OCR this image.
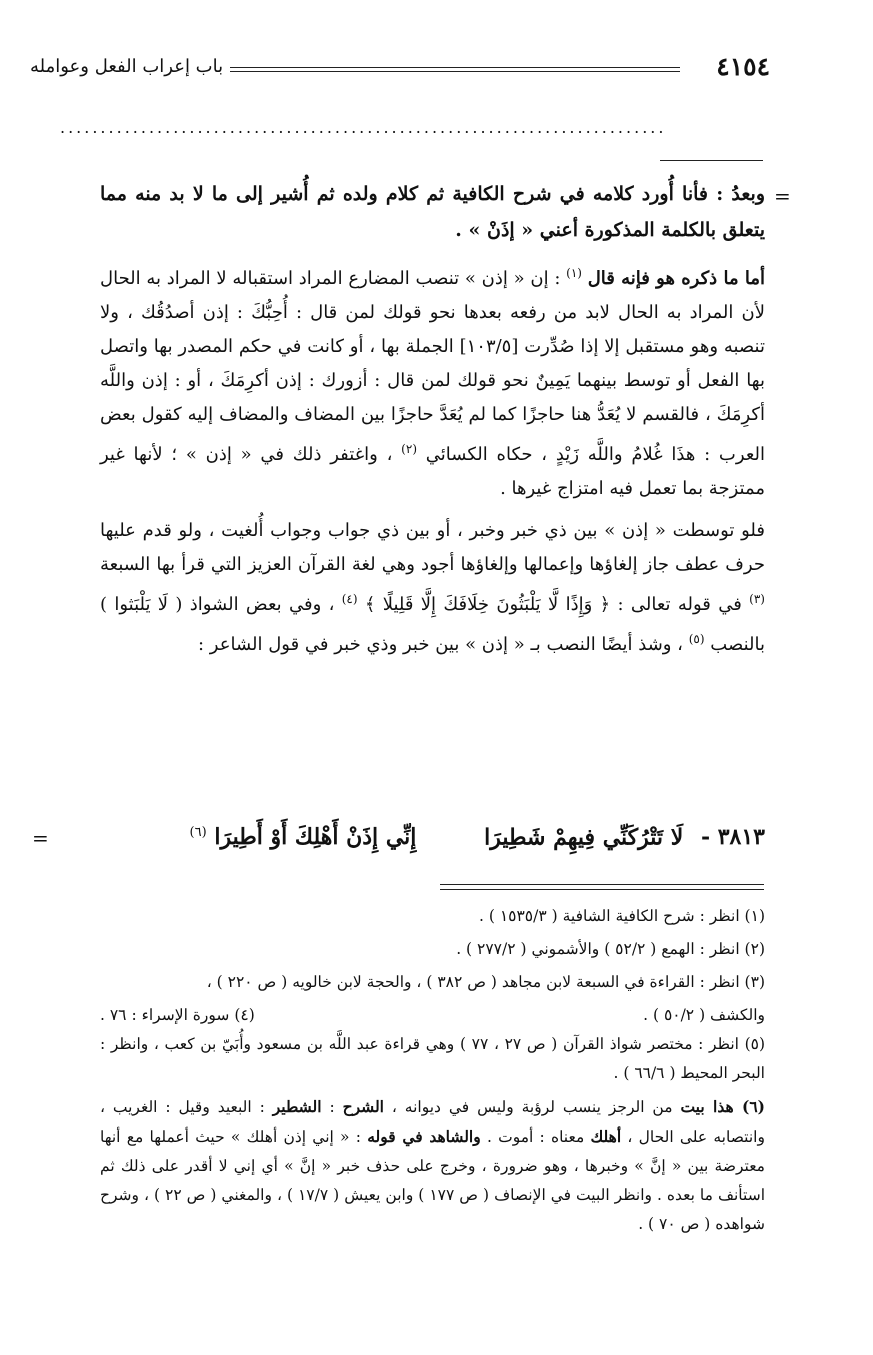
٤١٥٤
باب إعراب الفعل وعوامله
...........................................................................
=

وبعدُ : فأنا أُورد كلامه في شرح الكافية ثم كلام ولده ثم أُشير إلى ما لا بد منه مما يتعلق بالكلمة المذكورة أعني « إذَنْ » .

أما ما ذكره هو فإنه قال $^{(١)}$ : إن « إذن » تنصب المضارع المراد استقباله لا المراد به الحال لأن المراد به الحال لابد من رفعه بعدها نحو قولك لمن قال : أُحِبُّكَ : إذن أصدُقُك ، ولا تنصبه وهو مستقبل إلا إذا صُدِّرت [١٠٣/٥] الجملة بها ، أو كانت في حكم المصدر بها واتصل بها الفعل أو توسط بينهما يَمِينٌ نحو قولك لمن قال : أزورك : إذن أكرِمَكَ ، أو : إذن واللَّه أكرِمَكَ ، فالقسم لا يُعَدُّ هنا حاجزًا كما لم يُعَدَّ حاجزًا بين المضاف والمضاف إليه كقول بعض العرب : هذَا غُلامُ واللَّه زَيْدٍ ، حكاه الكسائي $^{(٢)}$ ، واغتفر ذلك في « إذن » ؛ لأنها غير ممتزجة بما تعمل فيه امتزاج غيرها .

فلو توسطت « إذن » بين ذي خبر وخبر ، أو بين ذي جواب وجواب أُلغيت ، ولو قدم عليها حرف عطف جاز إلغاؤها وإعمالها وإلغاؤها أجود وهي لغة القرآن العزيز التي قرأ بها السبعة $^{(٣)}$ في قوله تعالى : ﴿ وَإِذًا لَّا يَلْبَثُونَ خِلَافَكَ إِلَّا قَلِيلًا ﴾ $^{(٤)}$ ، وفي بعض الشواذ ( لَا يَلْبَثوا ) بالنصب $^{(٥)}$ ، وشذ أيضًا النصب بـ « إذن » بين خبر وذي خبر في قول الشاعر :

٣٨١٣ - لَا تَتْرُكَنِّي فِيهِمْ شَطِيرَا إِنِّي إِذَنْ أَهْلِكَ أَوْ أَطِيرَا $^{(٦)}$
=

(١) انظر : شرح الكافية الشافية ( ١٥٣٥/٣ ) .

(٢) انظر : الهمع ( ٥٢/٢ ) والأشموني ( ٢٧٧/٢ ) .

(٣) انظر : القراءة في السبعة لابن مجاهد ( ص ٣٨٢ ) ، والحجة لابن خالويه ( ص ٢٢٠ ) ،

والكشف ( ٥٠/٢ ) .
(٤) سورة الإسراء : ٧٦ .

(٥) انظر : مختصر شواذ القرآن ( ص ٢٧ ، ٧٧ ) وهي قراءة عبد اللَّه بن مسعود وأُبَيّ بن كعب ، وانظر : البحر المحيط ( ٦٦/٦ ) .

(٦) هذا بيت من الرجز ينسب لرؤبة وليس في ديوانه ، الشرح : الشطير : البعيد وقيل : الغريب ، وانتصابه على الحال ، أهلك معناه : أموت . والشاهد في قوله : « إني إذن أهلك » حيث أعملها مع أنها معترضة بين « إنَّ » وخبرها ، وهو ضرورة ، وخرج على حذف خبر « إنَّ » أي إني لا أقدر على ذلك ثم استأنف ما بعده . وانظر البيت في الإنصاف ( ص ١٧٧ ) وابن يعيش ( ١٧/٧ ) ، والمغني ( ص ٢٢ ) ، وشرح شواهده ( ص ٧٠ ) .
